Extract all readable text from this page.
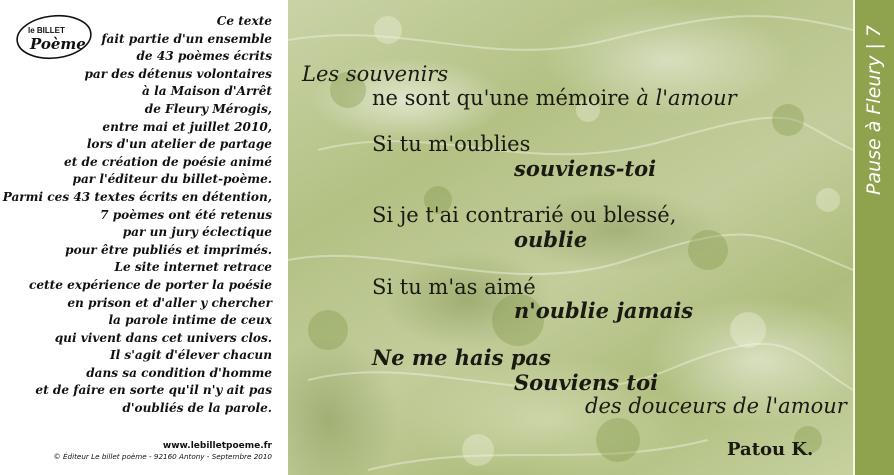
le BILLET
Poème
Ce texte
fait partie d'un ensemble
de 43 poèmes écrits
par des détenus volontaires
à la Maison d'Arrêt
de Fleury Mérogis,
entre mai et juillet 2010,
lors d'un atelier de partage
et de création de poésie animé
par l'éditeur du billet-poème.
Parmi ces 43 textes écrits en détention,
7 poèmes ont été retenus
par un jury éclectique
pour être publiés et imprimés.
Le site internet retrace
cette expérience de porter la poésie
en prison et d'aller y chercher
la parole intime de ceux
qui vivent dans cet univers clos.
Il s'agit d'élever chacun
dans sa condition d'homme
et de faire en sorte qu'il n'y ait pas
d'oubliés de la parole.
www.lebilletpoeme.fr
© Éditeur Le billet poème - 92160 Antony - Septembre 2010
Les souvenirs
ne sont qu'une mémoire à l'amour
Si tu m'oublies
souviens-toi
Si je t'ai contrarié ou blessé,
oublie
Si tu m'as aimé
n'oublie jamais
Ne me hais pas
Souviens toi
des douceurs de l'amour
Patou K.
Pause à Fleury | 7
